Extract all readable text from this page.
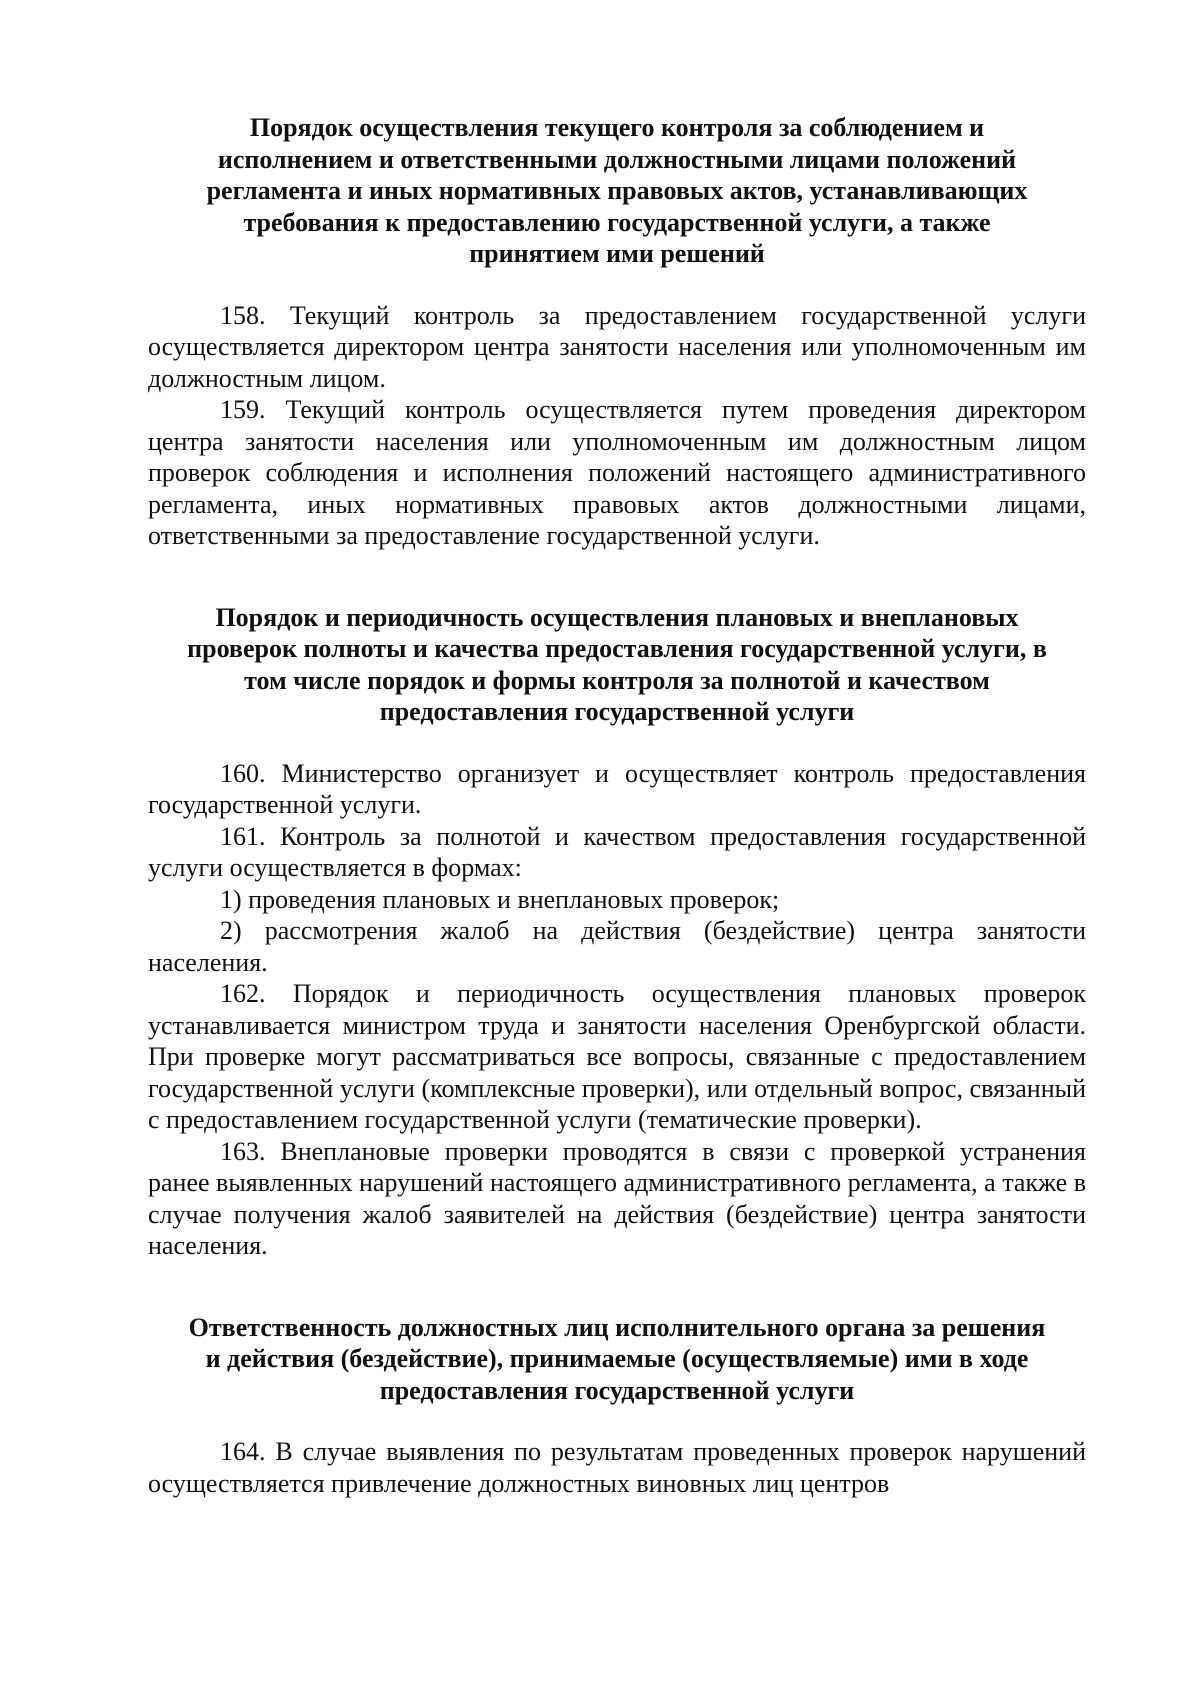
Порядок осуществления текущего контроля за соблюдением и исполнением и ответственными должностными лицами положений регламента и иных нормативных правовых актов, устанавливающих требования к предоставлению государственной услуги, а также принятием ими решений

158. Текущий контроль за предоставлением государственной услуги осуществляется директором центра занятости населения или уполномоченным им должностным лицом.

159. Текущий контроль осуществляется путем проведения директором центра занятости населения или уполномоченным им должностным лицом проверок соблюдения и исполнения положений настоящего административного регламента, иных нормативных правовых актов должностными лицами, ответственными за предоставление государственной услуги.

Порядок и периодичность осуществления плановых и внеплановых проверок полноты и качества предоставления государственной услуги, в том числе порядок и формы контроля за полнотой и качеством предоставления государственной услуги

160. Министерство организует и осуществляет контроль предоставления государственной услуги.

161. Контроль за полнотой и качеством предоставления государственной услуги осуществляется в формах:

1) проведения плановых и внеплановых проверок;

2) рассмотрения жалоб на действия (бездействие) центра занятости населения.

162. Порядок и периодичность осуществления плановых проверок устанавливается министром труда и занятости населения Оренбургской области. При проверке могут рассматриваться все вопросы, связанные с предоставлением государственной услуги (комплексные проверки), или отдельный вопрос, связанный с предоставлением государственной услуги (тематические проверки).

163. Внеплановые проверки проводятся в связи с проверкой устранения ранее выявленных нарушений настоящего административного регламента, а также в случае получения жалоб заявителей на действия (бездействие) центра занятости населения.

Ответственность должностных лиц исполнительного органа за решения и действия (бездействие), принимаемые (осуществляемые) ими в ходе предоставления государственной услуги

164. В случае выявления по результатам проведенных проверок нарушений осуществляется привлечение должностных виновных лиц центров
